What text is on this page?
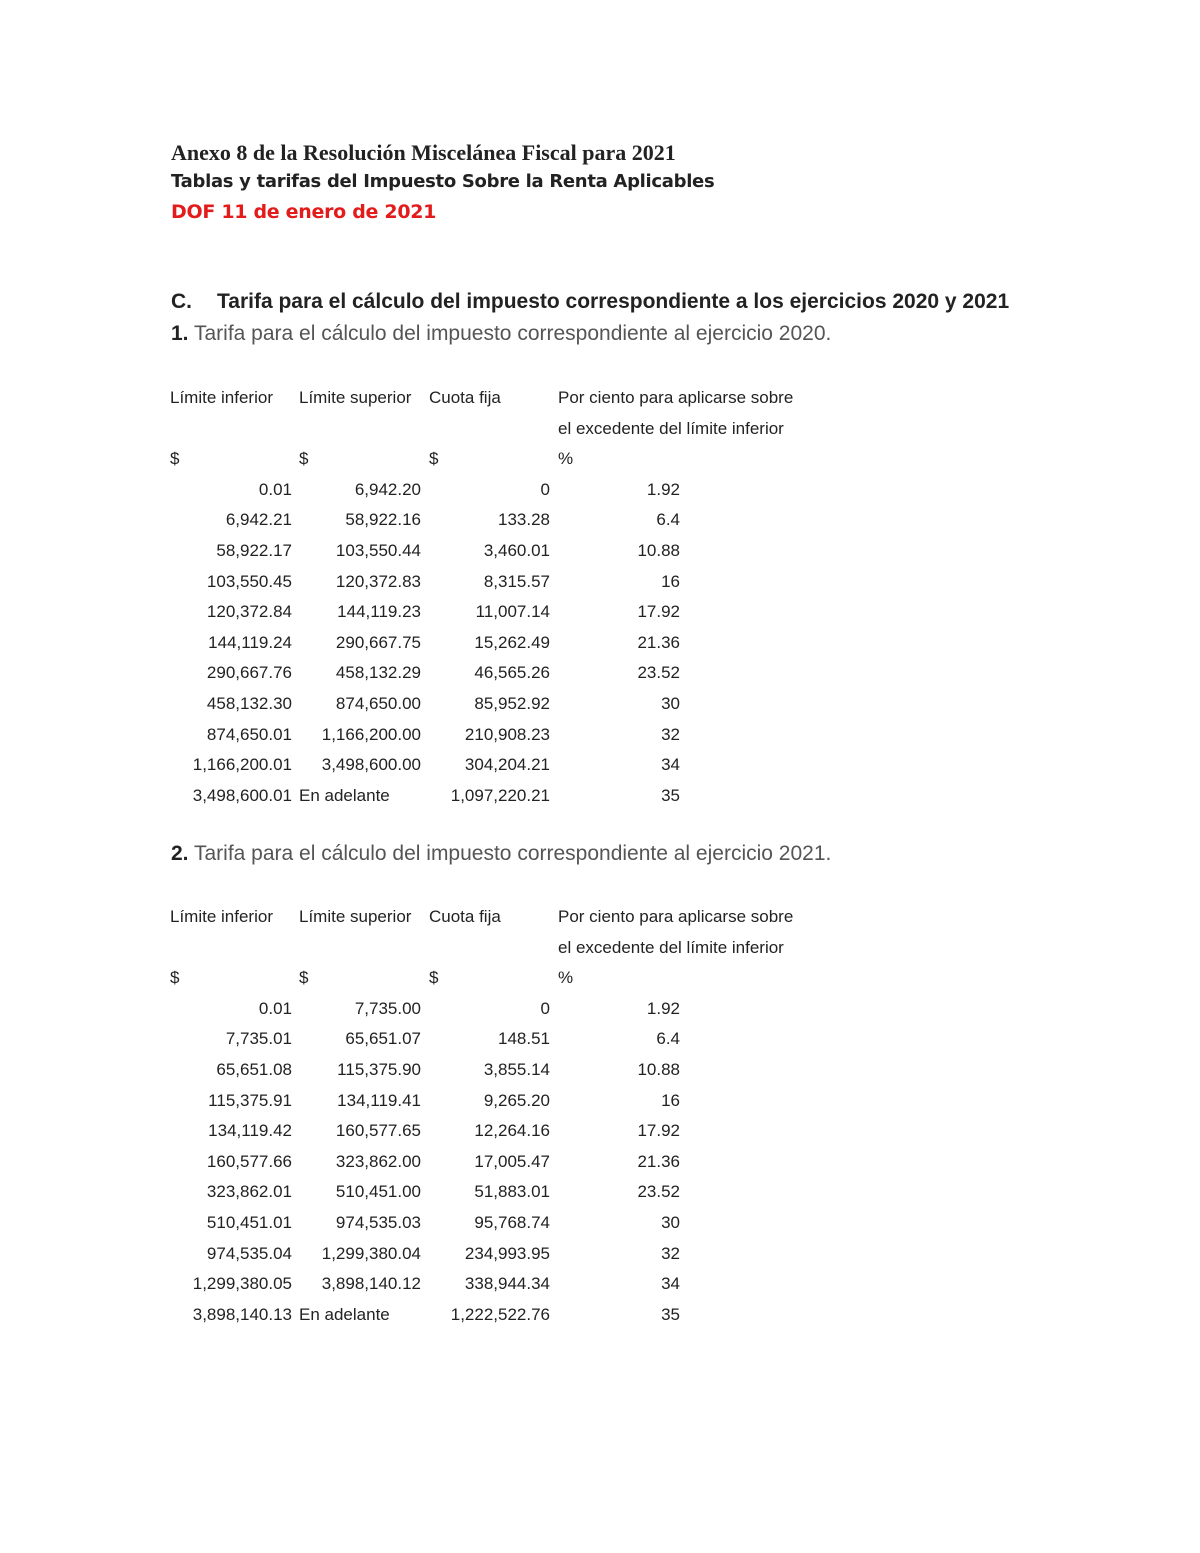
Anexo 8 de la Resolución Miscelánea Fiscal para 2021
Tablas y tarifas del Impuesto Sobre la Renta Aplicables
DOF 11 de enero de 2021
C. Tarifa para el cálculo del impuesto correspondiente a los ejercicios 2020 y 2021
1. Tarifa para el cálculo del impuesto correspondiente al ejercicio 2020.
Límite inferior Límite superior Cuota fija	Por ciento para aplicarse sobre
el excedente del límite inferior
$	$	$	%
0.01	6,942.20	0	1.92
6,942.21	58,922.16	133.28	6.4
58,922.17	103,550.44	3,460.01	10.88
103,550.45	120,372.83	8,315.57	16
120,372.84	144,119.23	11,007.14	17.92
144,119.24	290,667.75	15,262.49	21.36
290,667.76	458,132.29	46,565.26	23.52
458,132.30	874,650.00	85,952.92	30
874,650.01 1,166,200.00	210,908.23	32
1,166,200.01 3,498,600.00	304,204.21	34
3,498,600.01 En adelante	1,097,220.21	35
2. Tarifa para el cálculo del impuesto correspondiente al ejercicio 2021.
Límite inferior Límite superior Cuota fija	Por ciento para aplicarse sobre
el excedente del límite inferior
$	$	$	%
0.01	7,735.00	0	1.92
7,735.01	65,651.07	148.51	6.4
65,651.08	115,375.90	3,855.14	10.88
115,375.91	134,119.41	9,265.20	16
134,119.42	160,577.65	12,264.16	17.92
160,577.66	323,862.00	17,005.47	21.36
323,862.01	510,451.00	51,883.01	23.52
510,451.01	974,535.03	95,768.74	30
974,535.04 1,299,380.04	234,993.95	32
1,299,380.05 3,898,140.12	338,944.34	34
3,898,140.13 En adelante	1,222,522.76	35
